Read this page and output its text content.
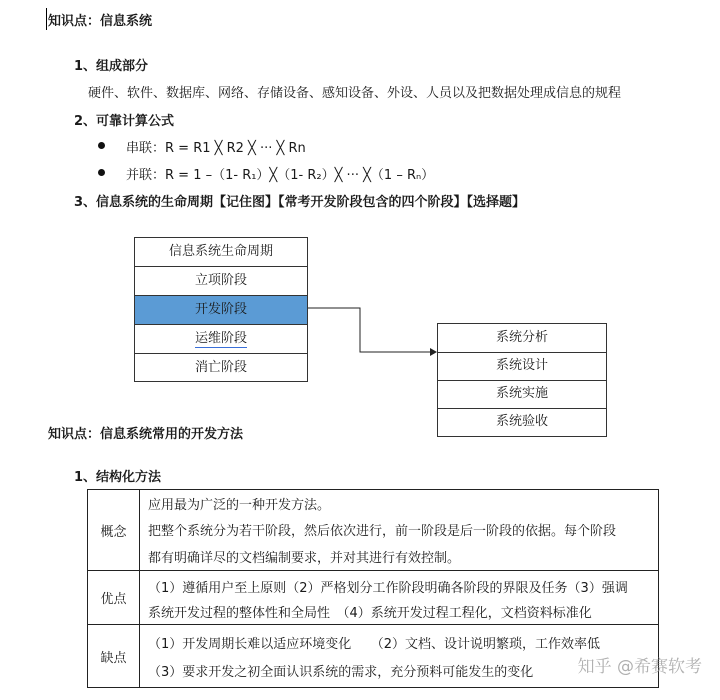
知识点：信息系统
1、组成部分
硬件、软件、数据库、网络、存储设备、感知设备、外设、人员以及把数据处理成信息的规程
2、可靠计算公式
串联：R = R1 ╳ R2 ╳ ··· ╳ Rn
并联：R = 1 –（1- R₁）╳（1- R₂）╳ ··· ╳（1 – Rₙ）
3、信息系统的生命周期【记住图】【常考开发阶段包含的四个阶段】【选择题】
信息系统生命周期
立项阶段
开发阶段
运维阶段
消亡阶段
系统分析
系统设计
系统实施
系统验收
知识点：信息系统常用的开发方法
1、结构化方法
概念
应用最为广泛的一种开发方法。
把整个系统分为若干阶段，然后依次进行，前一阶段是后一阶段的依据。每个阶段
都有明确详尽的文档编制要求，并对其进行有效控制。
优点
（1）遵循用户至上原则（2）严格划分工作阶段明确各阶段的界限及任务（3）强调
系统开发过程的整体性和全局性　（4）系统开发过程工程化，文档资料标准化
缺点
（1）开发周期长难以适应环境变化　　（2）文档、设计说明繁琐，工作效率低
（3）要求开发之初全面认识系统的需求，充分预料可能发生的变化	知乎 @希赛软考
